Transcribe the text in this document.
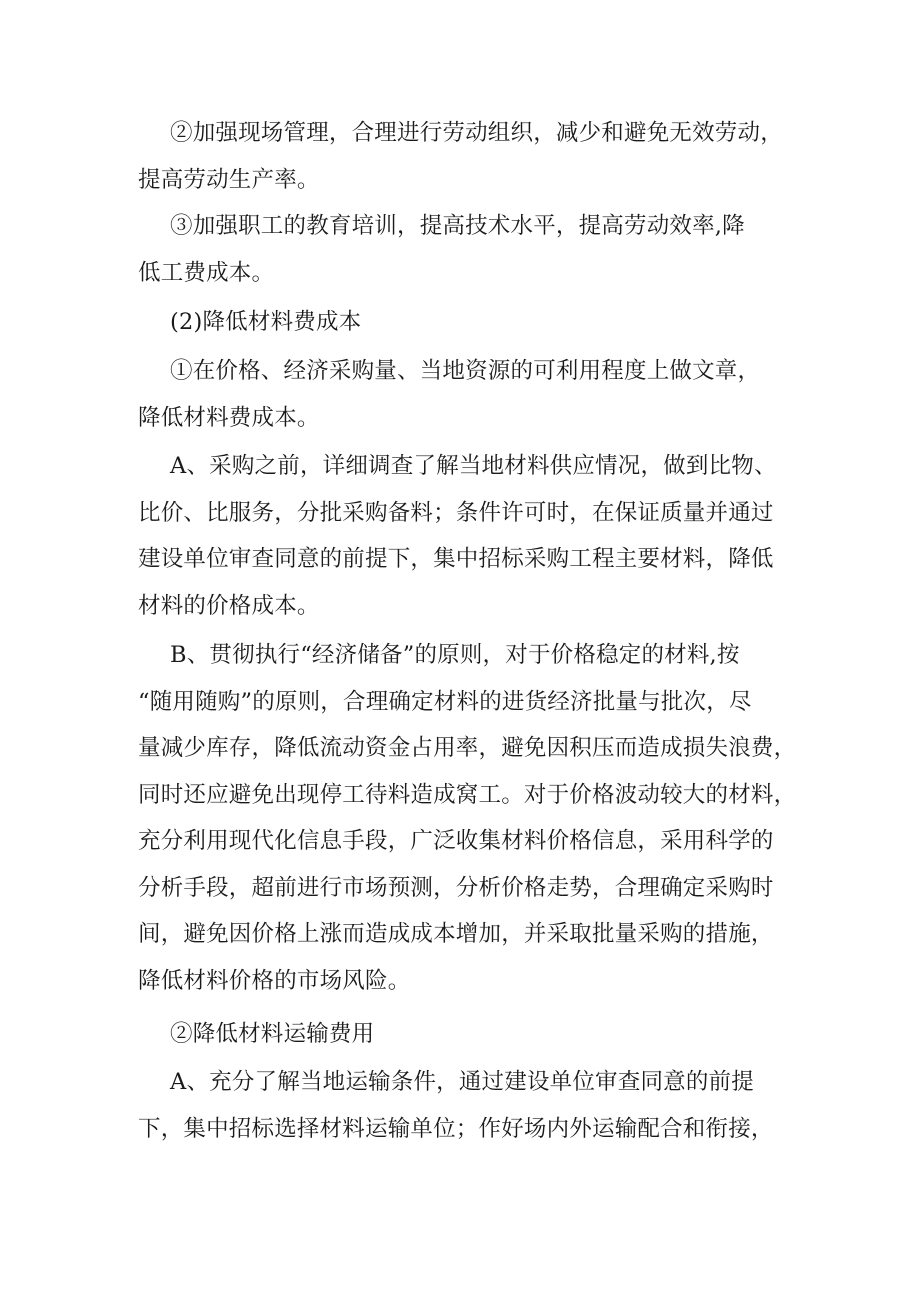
②加强现场管理，合理进行劳动组织，减少和避免无效劳动，
提高劳动生产率。

③加强职工的教育培训，提高技术水平，提高劳动效率,降
低工费成本。

(2)降低材料费成本

①在价格、经济采购量、当地资源的可利用程度上做文章，
降低材料费成本。

A、采购之前，详细调查了解当地材料供应情况，做到比物、
比价、比服务，分批采购备料；条件许可时，在保证质量并通过
建设单位审查同意的前提下，集中招标采购工程主要材料，降低
材料的价格成本。

B、贯彻执行“经济储备”的原则，对于价格稳定的材料,按
“随用随购”的原则，合理确定材料的进货经济批量与批次，尽
量减少库存，降低流动资金占用率，避免因积压而造成损失浪费，
同时还应避免出现停工待料造成窝工。对于价格波动较大的材料，
充分利用现代化信息手段，广泛收集材料价格信息，采用科学的
分析手段，超前进行市场预测，分析价格走势，合理确定采购时
间，避免因价格上涨而造成成本增加，并采取批量采购的措施，
降低材料价格的市场风险。

②降低材料运输费用

A、充分了解当地运输条件，通过建设单位审查同意的前提
下，集中招标选择材料运输单位；作好场内外运输配合和衔接，
